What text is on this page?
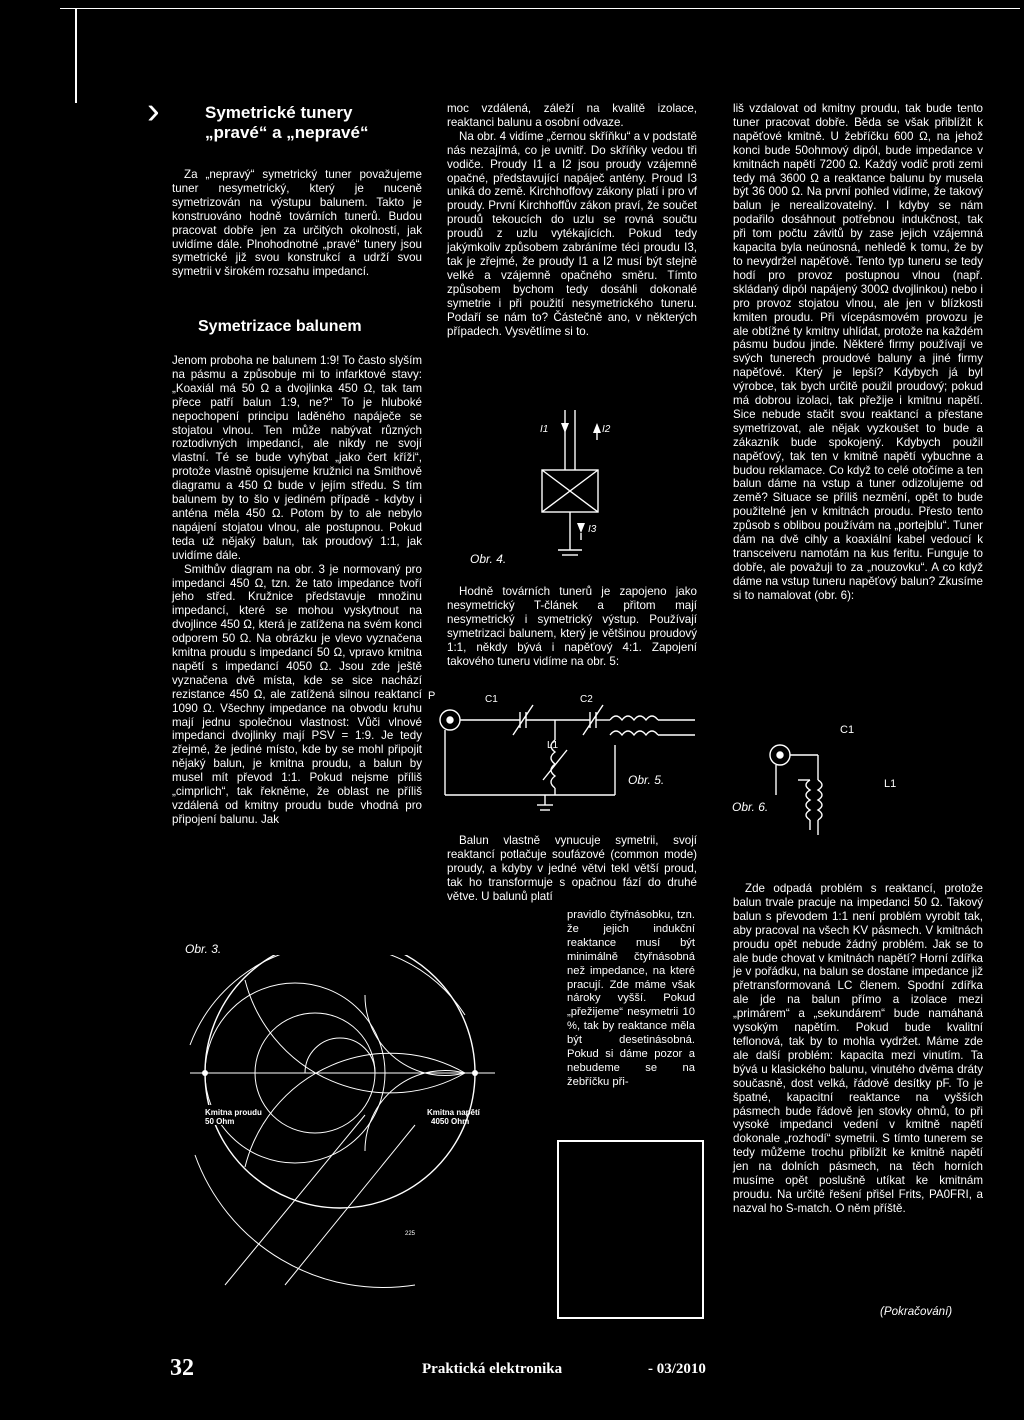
›	Symetrické tunery
„pravé“ a „nepravé“

Za „nepravý“ symetrický tuner považujeme tuner nesymetrický, který je nuceně symetrizován na výstupu balunem. Takto je konstruováno hodně továrních tunerů. Budou pracovat dobře jen za určitých okolností, jak uvidíme dále. Plnohodnotné „pravé“ tunery jsou symetrické již svou konstrukcí a udrží svou symetrii v širokém rozsahu impedancí.

Symetrizace balunem

Jenom proboha ne balunem 1:9! To často slyším na pásmu a způsobuje mi to infarktové stavy: „Koaxiál má 50 Ω a dvojlinka 450 Ω, tak tam přece patří balun 1:9, ne?“ To je hluboké nepochopení principu laděného napáječe se stojatou vlnou. Ten může nabývat různých roztodivných impedancí, ale nikdy ne svojí vlastní. Té se bude vyhýbat „jako čert kříži“, protože vlastně opisujeme kružnici na Smithově diagramu a 450 Ω bude v jejím středu. S tím balunem by to šlo v jediném případě - kdyby i anténa měla 450 Ω. Potom by to ale nebylo napájení stojatou vlnou, ale postupnou. Pokud teda už nějaký balun, tak proudový 1:1, jak uvidíme dále.

Smithův diagram na obr. 3 je normovaný pro impedanci 450 Ω, tzn. že tato impedance tvoří jeho střed. Kružnice představuje množinu impedancí, které se mohou vyskytnout na dvojlince 450 Ω, která je zatížena na svém konci odporem 50 Ω. Na obrázku je vlevo vyznačena kmitna proudu s impedancí 50 Ω, vpravo kmitna napětí s impedancí 4050 Ω. Jsou zde ještě vyznačena dvě místa, kde se sice nachází rezistance 450 Ω, ale zatížená silnou reaktancí 1090 Ω. Všechny impedance na obvodu kruhu mají jednu společnou vlastnost: Vůči vlnové impedanci dvojlinky mají PSV = 1:9. Je tedy zřejmé, že jediné místo, kde by se mohl připojit nějaký balun, je kmitna proudu, a balun by musel mít převod 1:1. Pokud nejsme příliš „cimprlich“, tak řekněme, že oblast ne příliš vzdálená od kmitny proudu bude vhodná pro připojení balunu. Jak

Obr. 3.
Kmitna proudu
50 Ohm
Kmitna napětí
4050 Ohm
225

moc vzdálená, záleží na kvalitě izolace, reaktanci balunu a osobní odvaze.

Na obr. 4 vidíme „černou skříňku“ a v podstatě nás nezajímá, co je uvnitř. Do skříňky vedou tři vodiče. Proudy I1 a I2 jsou proudy vzájemně opačné, představující napáječ antény. Proud I3 uniká do země. Kirchhoffovy zákony platí i pro vf proudy. První Kirchhoffův zákon praví, že součet proudů tekoucích do uzlu se rovná součtu proudů z uzlu vytékajících. Pokud tedy jakýmkoliv způsobem zabráníme téci proudu I3, tak je zřejmé, že proudy I1 a I2 musí být stejně velké a vzájemně opačného směru. Tímto způsobem bychom tedy dosáhli dokonalé symetrie i při použití nesymetrického tuneru. Podaří se nám to? Částečně ano, v některých případech. Vysvětlíme si to.

Obr. 4.
I1	I2
I3

Hodně továrních tunerů je zapojeno jako nesymetrický T-článek a přitom mají nesymetrický i symetrický výstup. Používají symetrizaci balunem, který je většinou proudový 1:1, někdy bývá i napěťový 4:1. Zapojení takového tuneru vidíme na obr. 5:

P	C1	C2
L1
Obr. 5.

Balun vlastně vynucuje symetrii, svojí reaktancí potlačuje soufázové (common mode) proudy, a kdyby v jedné větvi tekl větší proud, tak ho transformuje s opačnou fází do druhé větve. U balunů platí

pravidlo čtyřnásobku, tzn. že jejich indukční reaktance musí být minimálně čtyřnásobná než impedance, na které pracují. Zde máme však nároky vyšší. Pokud „přežijeme“ nesymetrii 10 %, tak by reaktance měla být desetinásobná. Pokud si dáme pozor a nebudeme se na žebříčku při-

Diskuse
o Mini-Whipu
Do diskuse o anténě Mini-Whip (PE 11/09, PE 1 a 2/10) jsme dostali opět několik zajímavých příspěvků, proto se k Mini-Whipu ještě vrátíme.

liš vzdalovat od kmitny proudu, tak bude tento tuner pracovat dobře. Běda se však přiblížit k napěťové kmitně. U žebříčku 600 Ω, na jehož konci bude 50ohmový dipól, bude impedance v kmitnách napětí 7200 Ω. Každý vodič proti zemi tedy má 3600 Ω a reaktance balunu by musela být 36 000 Ω. Na první pohled vidíme, že takový balun je nerealizovatelný. I kdyby se nám podařilo dosáhnout potřebnou indukčnost, tak při tom počtu závitů by zase jejich vzájemná kapacita byla neúnosná, nehledě k tomu, že by to nevydržel napěťově. Tento typ tuneru se tedy hodí pro provoz postupnou vlnou (např. skládaný dipól napájený 300Ω dvojlinkou) nebo i pro provoz stojatou vlnou, ale jen v blízkosti kmiten proudu. Při vícepásmovém provozu je ale obtížné ty kmitny uhlídat, protože na každém pásmu budou jinde. Některé firmy používají ve svých tunerech proudové baluny a jiné firmy napěťové. Který je lepší? Kdybych já byl výrobce, tak bych určitě použil proudový; pokud má dobrou izolaci, tak přežije i kmitnu napětí. Sice nebude stačit svou reaktancí a přestane symetrizovat, ale nějak vyzkoušet to bude a zákazník bude spokojený. Kdybych použil napěťový, tak ten v kmitně napětí vybuchne a budou reklamace. Co když to celé otočíme a ten balun dáme na vstup a tuner odizolujeme od země? Situace se příliš nezmění, opět to bude použitelné jen v kmitnách proudu. Přesto tento způsob s oblibou používám na „portejblu“. Tuner dám na dvě cihly a koaxiální kabel vedoucí k transceiveru namotám na kus feritu. Funguje to dobře, ale považuji to za „nouzovku“. A co když dáme na vstup tuneru napěťový balun? Zkusíme si to namalovat (obr. 6):

C1
L1
Obr. 6.

Zde odpadá problém s reaktancí, protože balun trvale pracuje na impedanci 50 Ω. Takový balun s převodem 1:1 není problém vyrobit tak, aby pracoval na všech KV pásmech. V kmitnách proudu opět nebude žádný problém. Jak se to ale bude chovat v kmitnách napětí? Horní zdířka je v pořádku, na balun se dostane impedance již přetransformovaná LC členem. Spodní zdířka ale jde na balun přímo a izolace mezi „primárem“ a „sekundárem“ bude namáhaná vysokým napětím. Pokud bude kvalitní teflonová, tak by to mohla vydržet. Máme zde ale další problém: kapacita mezi vinutím. Ta bývá u klasického balunu, vinutého dvěma dráty současně, dost velká, řádově desítky pF. To je špatné, kapacitní reaktance na vyšších pásmech bude řádově jen stovky ohmů, to při vysoké impedanci vedení v kmitně napětí dokonale „rozhodí“ symetrii. S tímto tunerem se tedy můžeme trochu přiblížit ke kmitně napětí jen na dolních pásmech, na těch horních musíme opět poslušně utíkat ke kmitnám proudu. Na určité řešení přišel Frits, PA0FRI, a nazval ho S-match. O něm příště.

(Pokračování)
32	Praktická elektronika	- 03/2010
